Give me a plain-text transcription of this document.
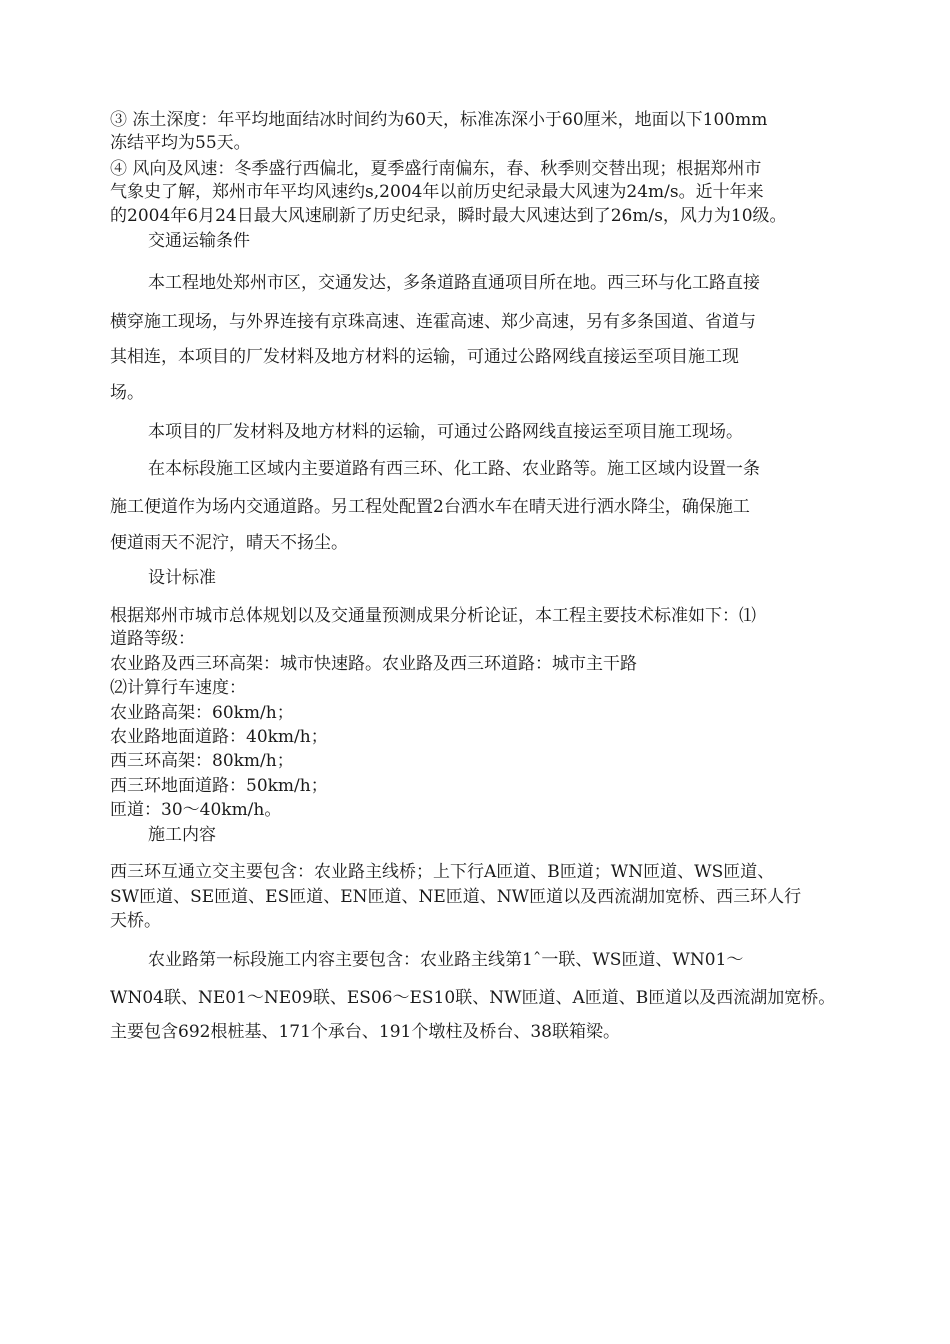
③ 冻土深度：年平均地面结冰时间约为60天，标准冻深小于60厘米，地面以下100mm

冻结平均为55天。

④ 风向及风速：冬季盛行西偏北，夏季盛行南偏东，春、秋季则交替出现；根据郑州市

气象史了解，郑州市年平均风速约s,2004年以前历史纪录最大风速为24m/s。近十年来

的2004年6月24日最大风速刷新了历史纪录，瞬时最大风速达到了26m/s，风力为10级。

交通运输条件

本工程地处郑州市区，交通发达，多条道路直通项目所在地。西三环与化工路直接

横穿施工现场，与外界连接有京珠高速、连霍高速、郑少高速，另有多条国道、省道与

其相连，本项目的厂发材料及地方材料的运输，可通过公路网线直接运至项目施工现

场。

本项目的厂发材料及地方材料的运输，可通过公路网线直接运至项目施工现场。

在本标段施工区域内主要道路有西三环、化工路、农业路等。施工区域内设置一条

施工便道作为场内交通道路。另工程处配置2台洒水车在晴天进行洒水降尘，确保施工

便道雨天不泥泞，晴天不扬尘。

设计标准

根据郑州市城市总体规划以及交通量预测成果分析论证，本工程主要技术标准如下：⑴

道路等级：

农业路及西三环高架：城市快速路。农业路及西三环道路：城市主干路

⑵计算行车速度：

农业路高架：60km/h；

农业路地面道路：40km/h；

西三环高架：80km/h；

西三环地面道路：50km/h；

匝道：30〜40km/h。

施工内容

西三环互通立交主要包含：农业路主线桥；上下行A匝道、B匝道；WN匝道、WS匝道、

SW匝道、SE匝道、ES匝道、EN匝道、NE匝道、NW匝道以及西流湖加宽桥、西三环人行

天桥。

农业路第一标段施工内容主要包含：农业路主线第1ˆ一联、WS匝道、WN01〜

WN04联、NE01〜NE09联、ES06〜ES10联、NW匝道、A匝道、B匝道以及西流湖加宽桥。

主要包含692根桩基、171个承台、191个墩柱及桥台、38联箱梁。
